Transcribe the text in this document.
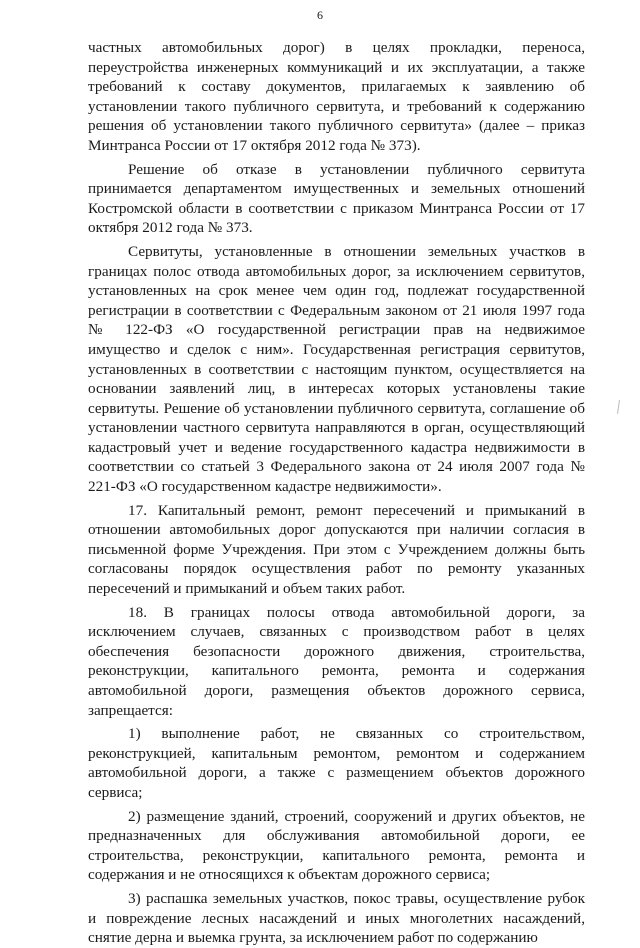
6

частных автомобильных дорог) в целях прокладки, переноса, переустройства инженерных коммуникаций и их эксплуатации, а также требований к составу документов, прилагаемых к заявлению об установлении такого публичного сервитута, и требований к содержанию решения об установлении такого публичного сервитута» (далее – приказ Минтранса России от 17 октября 2012 года № 373).

Решение об отказе в установлении публичного сервитута принимается департаментом имущественных и земельных отношений Костромской области в соответствии с приказом Минтранса России от 17 октября 2012 года № 373.

Сервитуты, установленные в отношении земельных участков в границах полос отвода автомобильных дорог, за исключением сервитутов, установленных на срок менее чем один год, подлежат государственной регистрации в соответствии с Федеральным законом от 21 июля 1997 года № 122-ФЗ «О государственной регистрации прав на недвижимое имущество и сделок с ним». Государственная регистрация сервитутов, установленных в соответствии с настоящим пунктом, осуществляется на основании заявлений лиц, в интересах которых установлены такие сервитуты. Решение об установлении публичного сервитута, соглашение об установлении частного сервитута направляются в орган, осуществляющий кадастровый учет и ведение государственного кадастра недвижимости в соответствии со статьей 3 Федерального закона от 24 июля 2007 года № 221-ФЗ «О государственном кадастре недвижимости».

17. Капитальный ремонт, ремонт пересечений и примыканий в отношении автомобильных дорог допускаются при наличии согласия в письменной форме Учреждения. При этом с Учреждением должны быть согласованы порядок осуществления работ по ремонту указанных пересечений и примыканий и объем таких работ.

18. В границах полосы отвода автомобильной дороги, за исключением случаев, связанных с производством работ в целях обеспечения безопасности дорожного движения, строительства, реконструкции, капитального ремонта, ремонта и содержания автомобильной дороги, размещения объектов дорожного сервиса, запрещается:

1) выполнение работ, не связанных со строительством, реконструкцией, капитальным ремонтом, ремонтом и содержанием автомобильной дороги, а также с размещением объектов дорожного сервиса;

2) размещение зданий, строений, сооружений и других объектов, не предназначенных для обслуживания автомобильной дороги, ее строительства, реконструкции, капитального ремонта, ремонта и содержания и не относящихся к объектам дорожного сервиса;

3) распашка земельных участков, покос травы, осуществление рубок и повреждение лесных насаждений и иных многолетних насаждений, снятие дерна и выемка грунта, за исключением работ по содержанию
